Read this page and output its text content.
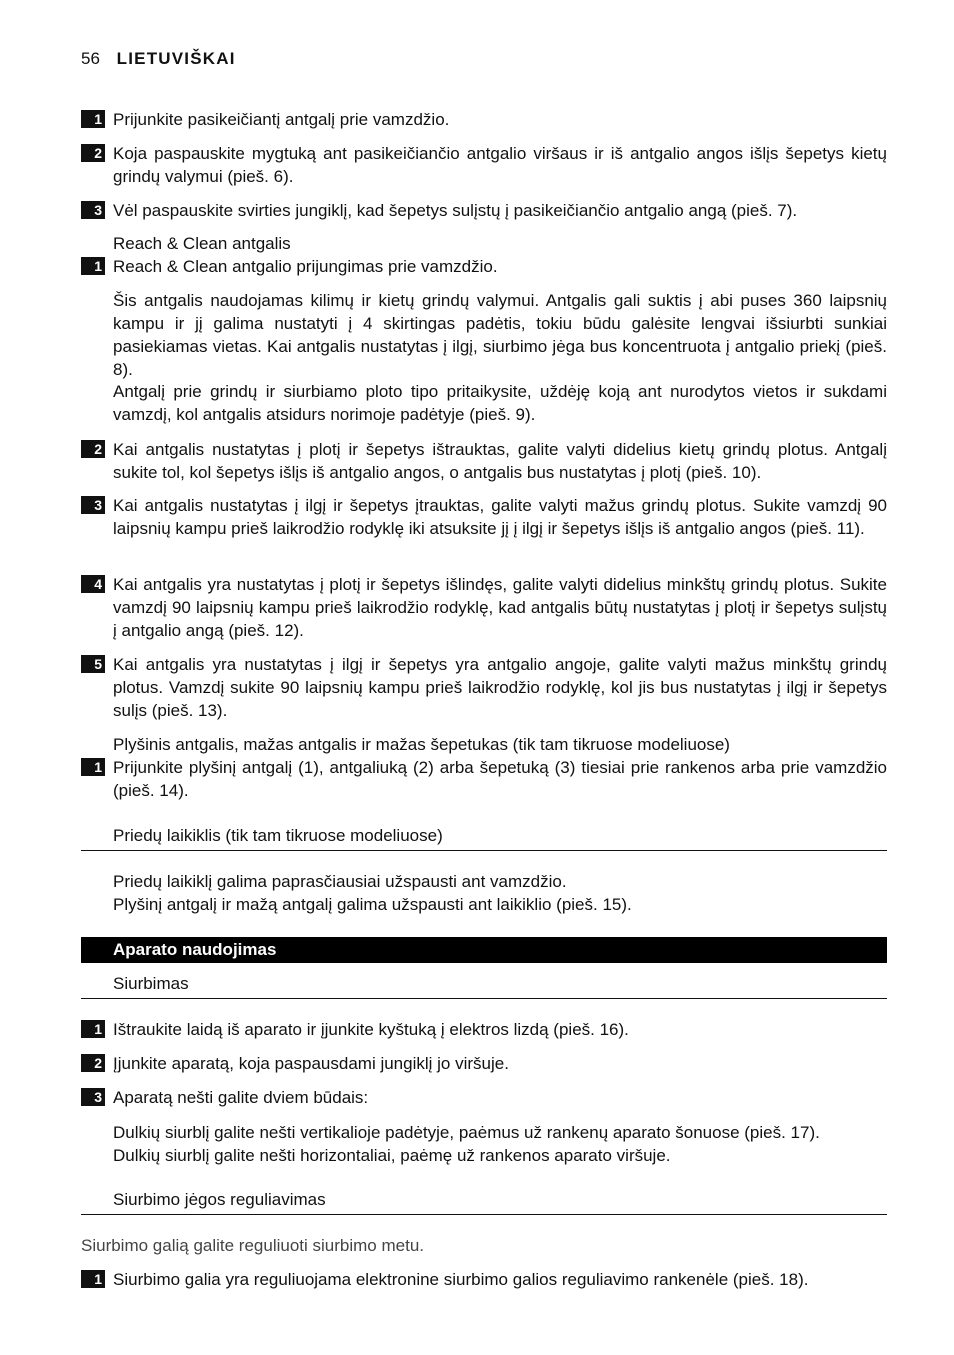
56 LIETUVIŠKAI
1 Prijunkite pasikeičiantį antgalį prie vamzdžio.
2 Koja paspauskite mygtuką ant pasikeičiančio antgalio viršaus ir iš antgalio angos išlįs šepetys kietų grindų valymui (pieš. 6).
3 Vėl paspauskite svirties jungiklį, kad šepetys sulįstų į pasikeičiančio antgalio angą (pieš. 7).
Reach & Clean antgalis
1 Reach & Clean antgalio prijungimas prie vamzdžio.
Šis antgalis naudojamas kilimų ir kietų grindų valymui. Antgalis gali suktis į abi puses 360 laipsnių kampu ir jį galima nustatyti į 4 skirtingas padėtis, tokiu būdu galėsite lengvai išsiurbti sunkiai pasiekiamas vietas. Kai antgalis nustatytas į ilgį, siurbimo jėga bus koncentruota į antgalio priekį (pieš. 8).
Antgalį prie grindų ir siurbiamo ploto tipo pritaikysite, uždėję koją ant nurodytos vietos ir sukdami vamzdį, kol antgalis atsidurs norimoje padėtyje (pieš. 9).
2 Kai antgalis nustatytas į plotį ir šepetys ištrauktas, galite valyti didelius kietų grindų plotus. Antgalį sukite tol, kol šepetys išlįs iš antgalio angos, o antgalis bus nustatytas į plotį (pieš. 10).
3 Kai antgalis nustatytas į ilgį ir šepetys įtrauktas, galite valyti mažus grindų plotus. Sukite vamzdį 90 laipsnių kampu prieš laikrodžio rodyklę iki atsuksite jį į ilgį ir šepetys išlįs iš antgalio angos (pieš. 11).
4 Kai antgalis yra nustatytas į plotį ir šepetys išlindęs, galite valyti didelius minkštų grindų plotus. Sukite vamzdį 90 laipsnių kampu prieš laikrodžio rodyklę, kad antgalis būtų nustatytas į plotį ir šepetys sulįstų į antgalio angą (pieš. 12).
5 Kai antgalis yra nustatytas į ilgį ir šepetys yra antgalio angoje, galite valyti mažus minkštų grindų plotus. Vamzdį sukite 90 laipsnių kampu prieš laikrodžio rodyklę, kol jis bus nustatytas į ilgį ir šepetys sulįs (pieš. 13).
Plyšinis antgalis, mažas antgalis ir mažas šepetukas (tik tam tikruose modeliuose)
1 Prijunkite plyšinį antgalį (1), antgaliuką (2) arba šepetuką (3) tiesiai prie rankenos arba prie vamzdžio (pieš. 14).
Priedų laikiklis (tik tam tikruose modeliuose)
Priedų laikiklį galima paprasčiausiai užspausti ant vamzdžio.
Plyšinį antgalį ir mažą antgalį galima užspausti ant laikiklio (pieš. 15).
Aparato naudojimas
Siurbimas
1 Ištraukite laidą iš aparato ir įjunkite kyštuką į elektros lizdą (pieš. 16).
2 Įjunkite aparatą, koja paspausdami jungiklį jo viršuje.
3 Aparatą nešti galite dviem būdais:
Dulkių siurblį galite nešti vertikalioje padėtyje, paėmus už rankenų aparato šonuose (pieš. 17).
Dulkių siurblį galite nešti horizontaliai, paėmę už rankenos aparato viršuje.
Siurbimo jėgos reguliavimas
Siurbimo galią galite reguliuoti siurbimo metu.
1 Siurbimo galia yra reguliuojama elektronine siurbimo galios reguliavimo rankenėle (pieš. 18).
